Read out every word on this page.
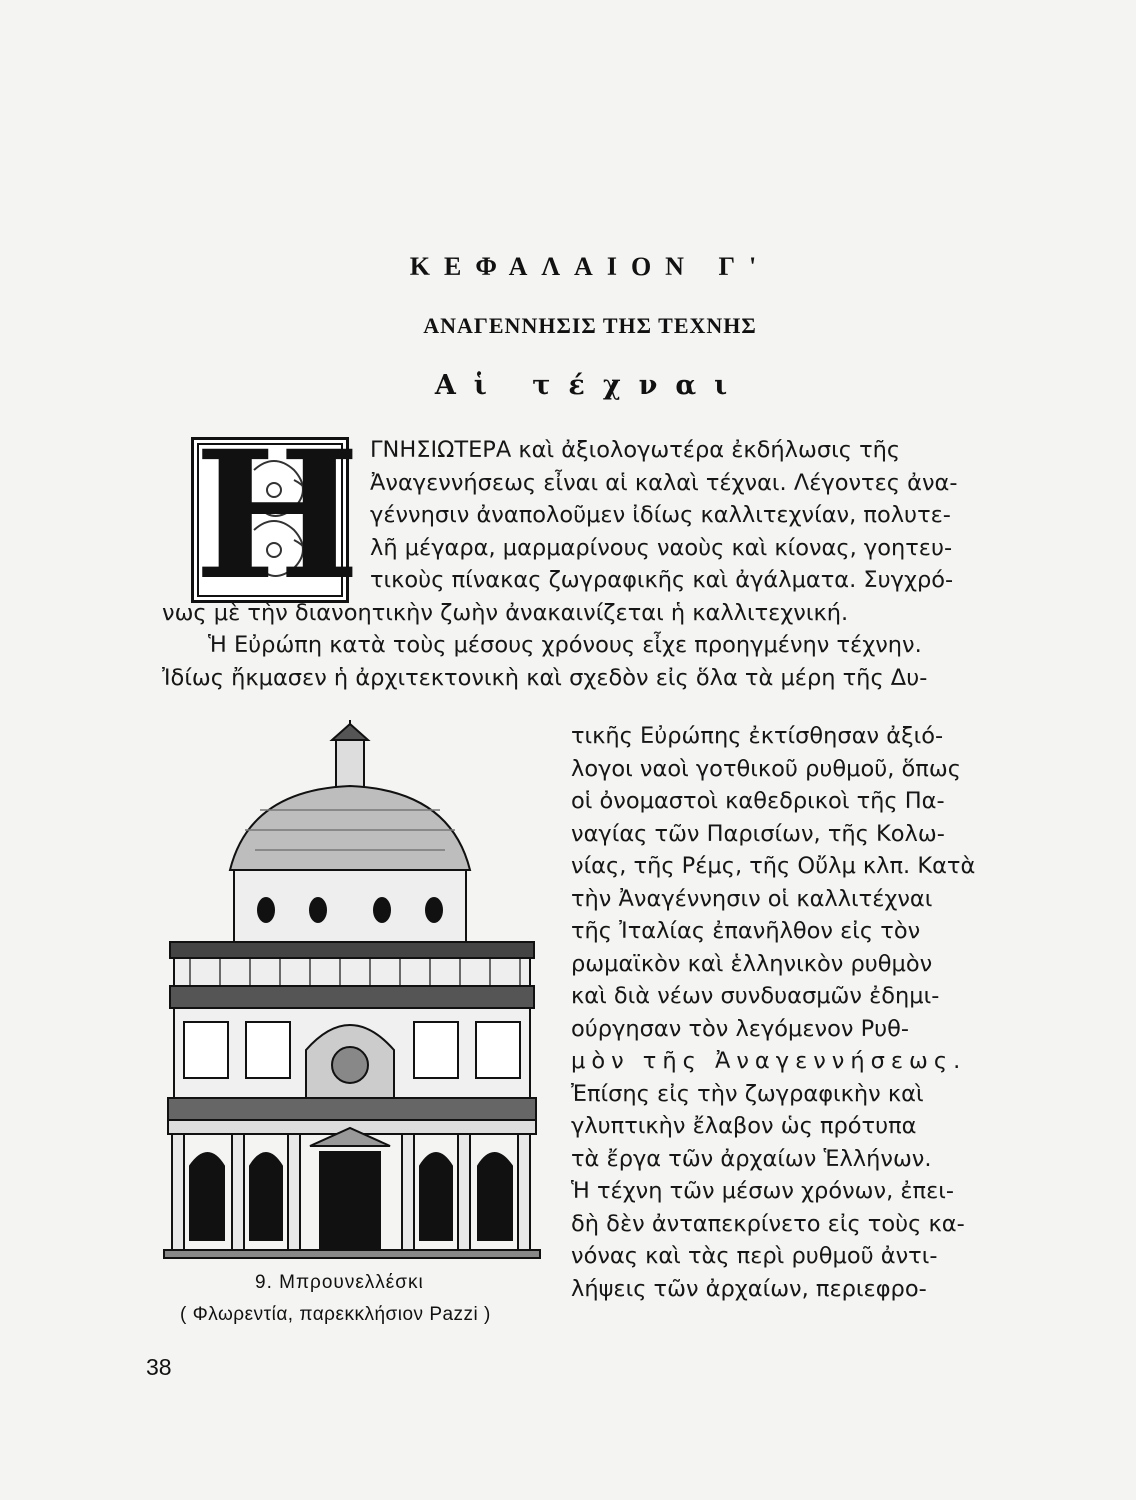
ΚΕΦΑΛΑΙΟΝ Γ'
ΑΝΑΓΕΝΝΗΣΙΣ ΤΗΣ ΤΕΧΝΗΣ
Αἱ τέχναι
Η ΓΝΗΣΙΩΤΕΡΑ καὶ ἀξιολογωτέρα ἐκδήλωσις τῆς
Ἀναγεννήσεως εἶναι αἱ καλαὶ τέχναι. Λέγοντες ἀνα-
γέννησιν ἀναπολοῦμεν ἰδίως καλλιτεχνίαν, πολυτε-
λῆ μέγαρα, μαρμαρίνους ναοὺς καὶ κίονας, γοητευ-
τικοὺς πίνακας ζωγραφικῆς καὶ ἀγάλματα. Συγχρό-
νως μὲ τὴν διανοητικὴν ζωὴν ἀνακαινίζεται ἡ καλλιτεχνική.
Ἡ Εὐρώπη κατὰ τοὺς μέσους χρόνους εἶχε προηγμένην τέχνην.
Ἰδίως ἤκμασεν ἡ ἀρχιτεκτονικὴ καὶ σχεδὸν εἰς ὅλα τὰ μέρη τῆς Δυ-
τικῆς Εὐρώπης ἐκτίσθησαν ἀξιό-
λογοι ναοὶ γοτθικοῦ ρυθμοῦ, ὅπως
οἱ ὀνομαστοὶ καθεδρικοὶ τῆς Πα-
ναγίας τῶν Παρισίων, τῆς Κολω-
νίας, τῆς Ρέμς, τῆς Οὔλμ κλπ. Κατὰ
τὴν Ἀναγέννησιν οἱ καλλιτέχναι
τῆς Ἰταλίας ἐπανῆλθον εἰς τὸν
ρωμαϊκὸν καὶ ἑλληνικὸν ρυθμὸν
καὶ διὰ νέων συνδυασμῶν ἐδημι-
ούργησαν τὸν λεγόμενον Ρυθ-
μὸν τῆς Ἀναγεννήσεως.
Ἐπίσης εἰς τὴν ζωγραφικὴν καὶ
γλυπτικὴν ἔλαβον ὡς πρότυπα
τὰ ἔργα τῶν ἀρχαίων Ἑλλήνων.
Ἡ τέχνη τῶν μέσων χρόνων, ἐπει-
δὴ δὲν ἀνταπεκρίνετο εἰς τοὺς κα-
νόνας καὶ τὰς περὶ ρυθμοῦ ἀντι-
λήψεις τῶν ἀρχαίων, περιεφρο-
9. Μπρουνελλέσκι
( Φλωρεντία, παρεκκλήσιον Pazzi )
38
